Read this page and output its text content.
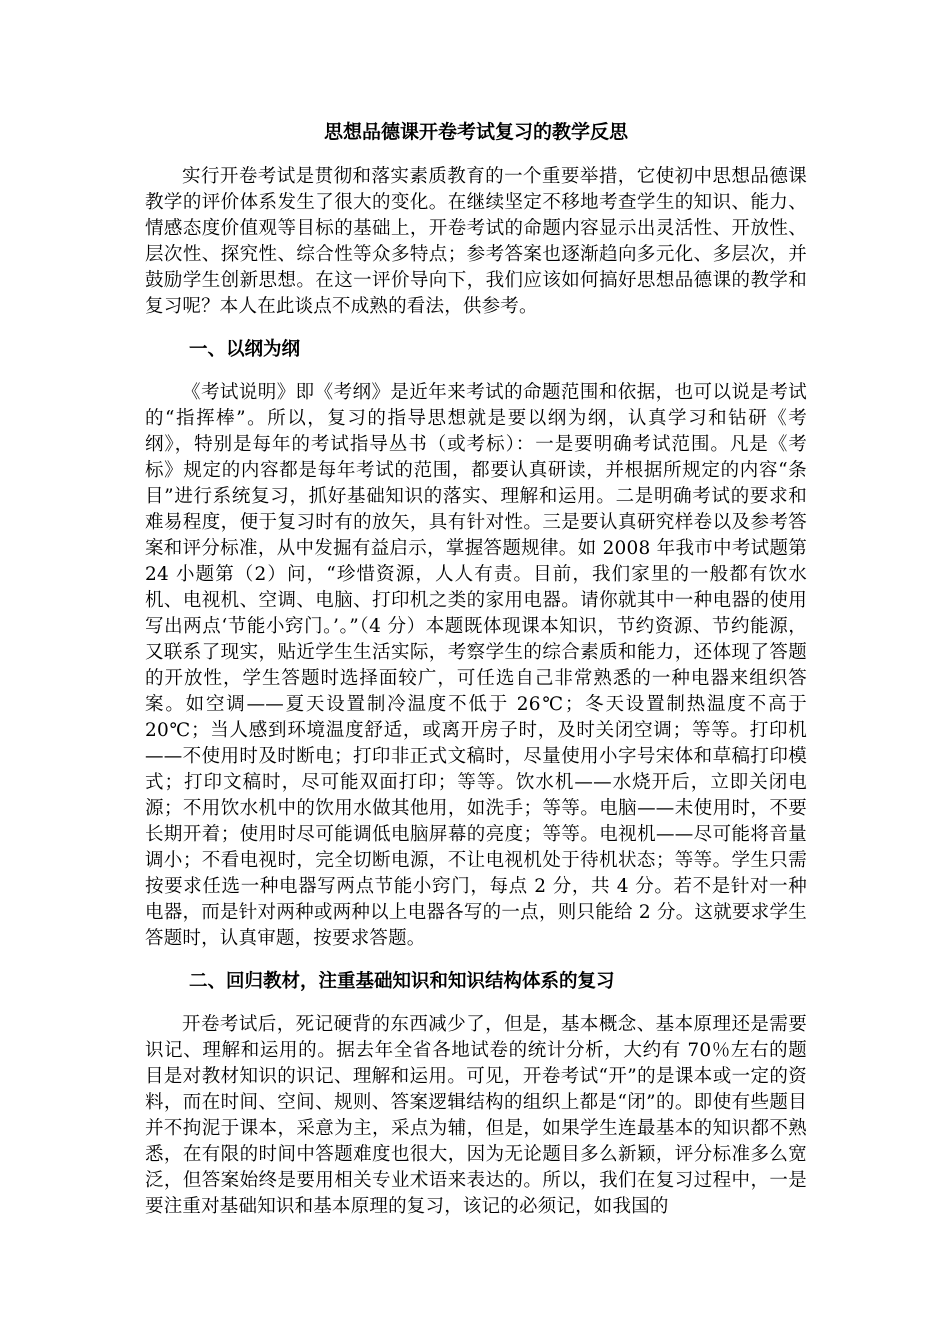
思想品德课开卷考试复习的教学反思

实行开卷考试是贯彻和落实素质教育的一个重要举措，它使初中思想品德课教学的评价体系发生了很大的变化。在继续坚定不移地考查学生的知识、能力、情感态度价值观等目标的基础上，开卷考试的命题内容显示出灵活性、开放性、层次性、探究性、综合性等众多特点；参考答案也逐渐趋向多元化、多层次，并鼓励学生创新思想。在这一评价导向下，我们应该如何搞好思想品德课的教学和复习呢？本人在此谈点不成熟的看法，供参考。

一、以纲为纲

《考试说明》即《考纲》是近年来考试的命题范围和依据，也可以说是考试的“指挥棒”。所以，复习的指导思想就是要以纲为纲，认真学习和钻研《考纲》，特别是每年的考试指导丛书（或考标）：一是要明确考试范围。凡是《考标》规定的内容都是每年考试的范围，都要认真研读，并根据所规定的内容“条目”进行系统复习，抓好基础知识的落实、理解和运用。二是明确考试的要求和难易程度，便于复习时有的放矢，具有针对性。三是要认真研究样卷以及参考答案和评分标准，从中发掘有益启示，掌握答题规律。如 2008 年我市中考试题第 24 小题第（2）问，“珍惜资源，人人有责。目前，我们家里的一般都有饮水机、电视机、空调、电脑、打印机之类的家用电器。请你就其中一种电器的使用写出两点‘节能小窍门。’。”（4 分）本题既体现课本知识，节约资源、节约能源，又联系了现实，贴近学生生活实际，考察学生的综合素质和能力，还体现了答题的开放性，学生答题时选择面较广，可任选自己非常熟悉的一种电器来组织答案。如空调——夏天设置制冷温度不低于 26℃；冬天设置制热温度不高于 20℃；当人感到环境温度舒适，或离开房子时，及时关闭空调；等等。打印机——不使用时及时断电；打印非正式文稿时，尽量使用小字号宋体和草稿打印模式；打印文稿时，尽可能双面打印；等等。饮水机——水烧开后，立即关闭电源；不用饮水机中的饮用水做其他用，如洗手；等等。电脑——未使用时，不要长期开着；使用时尽可能调低电脑屏幕的亮度；等等。电视机——尽可能将音量调小；不看电视时，完全切断电源，不让电视机处于待机状态；等等。学生只需按要求任选一种电器写两点节能小窍门，每点 2 分，共 4 分。若不是针对一种电器，而是针对两种或两种以上电器各写的一点，则只能给 2 分。这就要求学生答题时，认真审题，按要求答题。

二、回归教材，注重基础知识和知识结构体系的复习

开卷考试后，死记硬背的东西减少了，但是，基本概念、基本原理还是需要识记、理解和运用的。据去年全省各地试卷的统计分析，大约有 70％左右的题目是对教材知识的识记、理解和运用。可见，开卷考试“开”的是课本或一定的资料，而在时间、空间、规则、答案逻辑结构的组织上都是“闭”的。即使有些题目并不拘泥于课本，采意为主，采点为辅，但是，如果学生连最基本的知识都不熟悉，在有限的时间中答题难度也很大，因为无论题目多么新颖，评分标准多么宽泛，但答案始终是要用相关专业术语来表达的。所以，我们在复习过程中，一是要注重对基础知识和基本原理的复习，该记的必须记，如我国的
